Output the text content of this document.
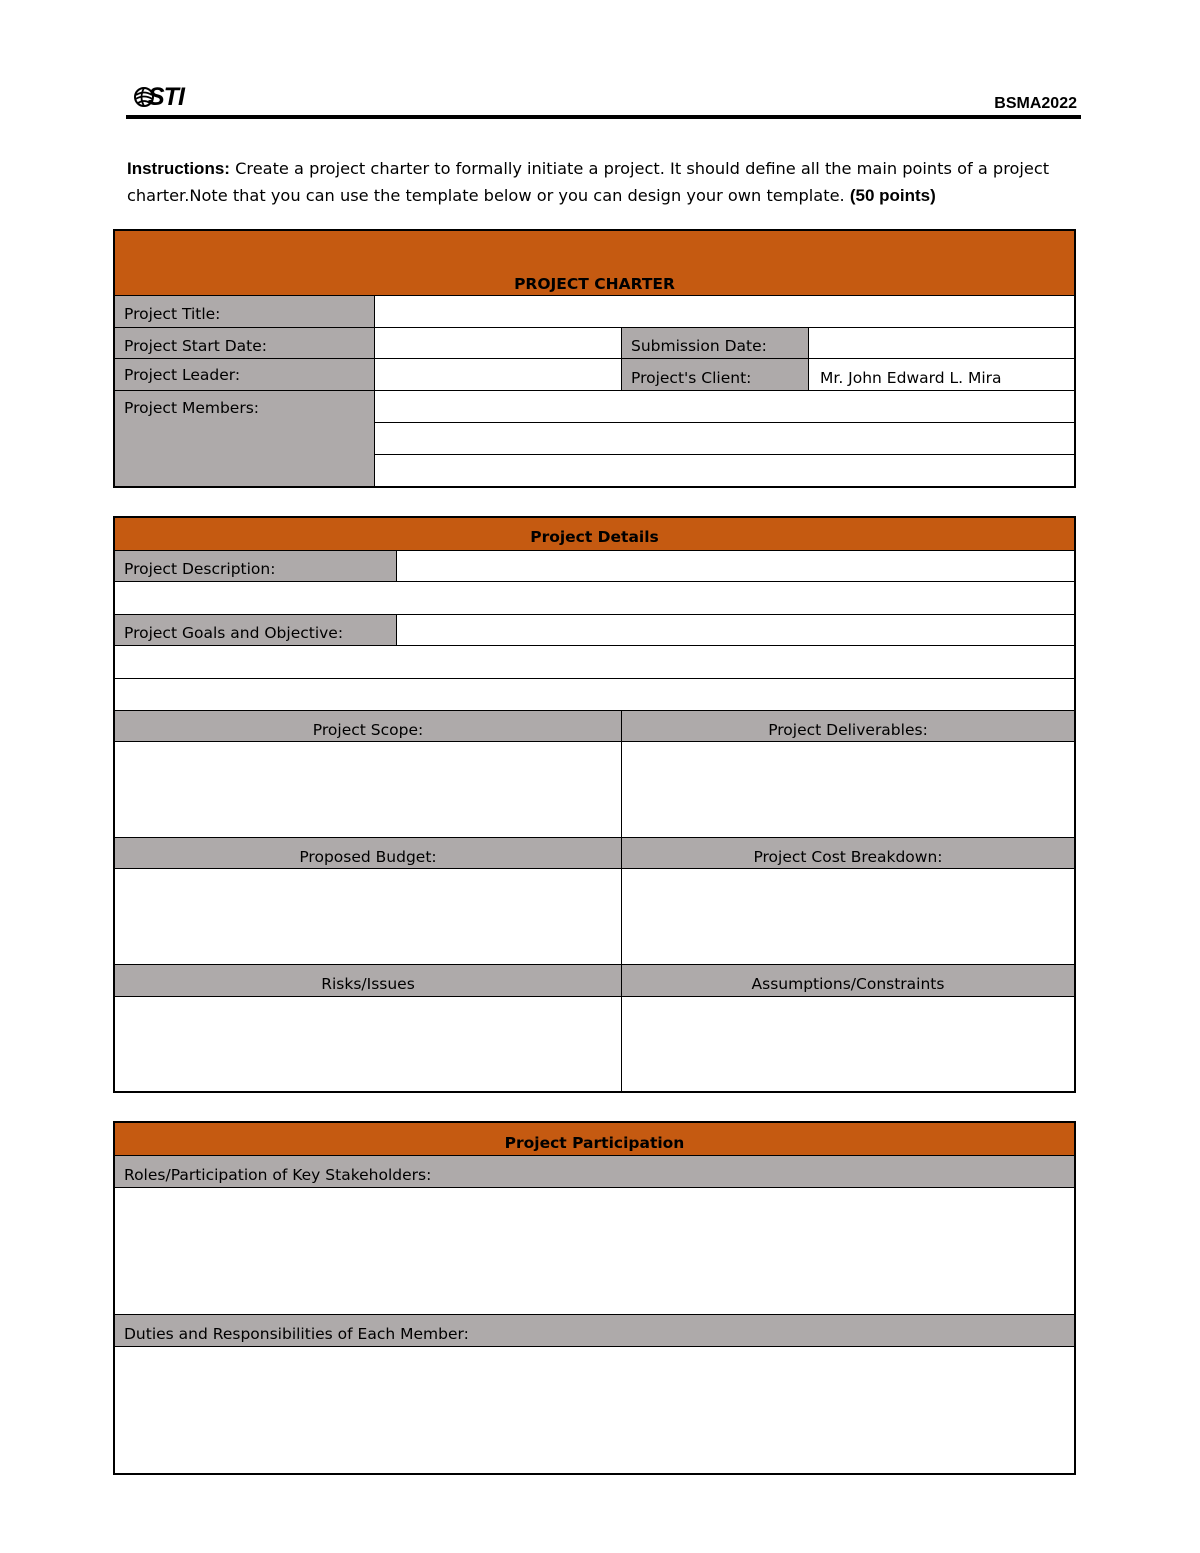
STI	BSMA2022
Instructions: Create a project charter to formally initiate a project. It should define all the main points of a project charter.Note that you can use the template below or you can design your own template. (50 points)
PROJECT CHARTER
Project Title:
Project Start Date:	Submission Date:
Project Leader:	Project's Client:	Mr. John Edward L. Mira
Project Members:
Project Details
Project Description:
Project Goals and Objective:
Project Scope:	Project Deliverables:
Proposed Budget:	Project Cost Breakdown:
Risks/Issues	Assumptions/Constraints
Project Participation
Roles/Participation of Key Stakeholders:
Duties and Responsibilities of Each Member:
